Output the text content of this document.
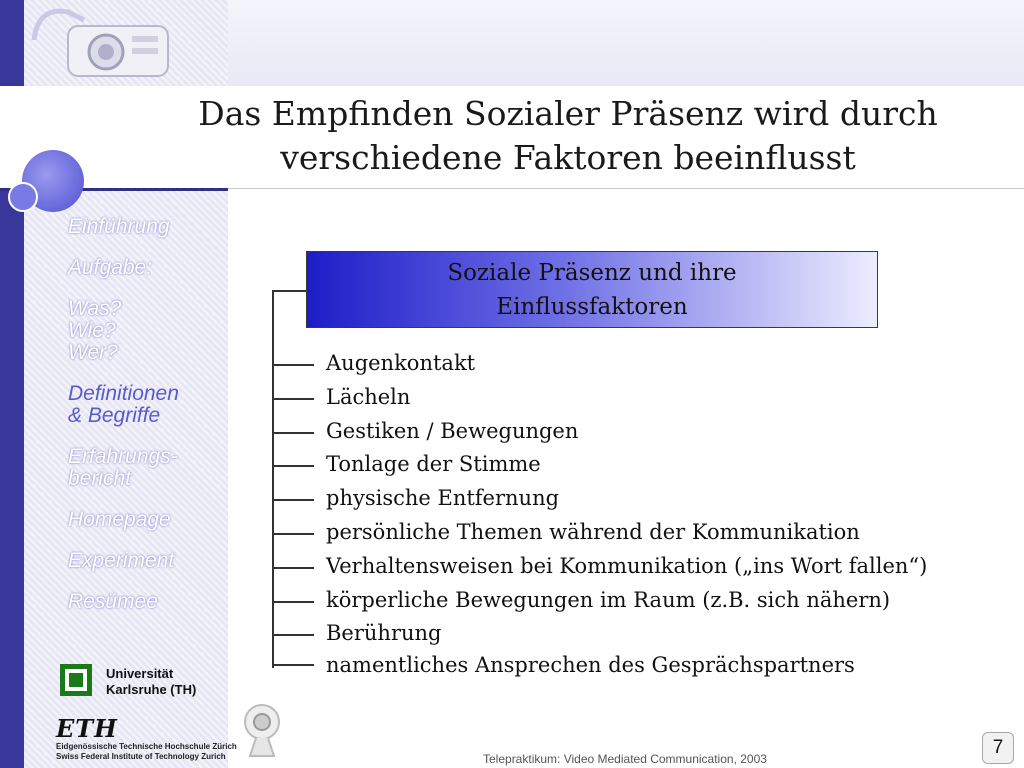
Das Empfinden Sozialer Präsenz wird durch
verschiedene Faktoren beeinflusst
Einführung
Aufgabe:
Was?
Wie?
Wer?
Definitionen
& Begriffe
Erfahrungs-
bericht
Homepage
Experiment
Resümee
Universität
Karlsruhe (TH)
ETH
Eidgenössische Technische Hochschule Zürich
Swiss Federal Institute of Technology Zurich
Soziale Präsenz und ihre
Einflussfaktoren
Augenkontakt
Lächeln
Gestiken / Bewegungen
Tonlage der Stimme
physische Entfernung
persönliche Themen während der Kommunikation
Verhaltensweisen bei Kommunikation („ins Wort fallen“)
körperliche Bewegungen im Raum (z.B. sich nähern)
Berührung
namentliches Ansprechen des Gesprächspartners
Telepraktikum: Video Mediated Communication, 2003
7
